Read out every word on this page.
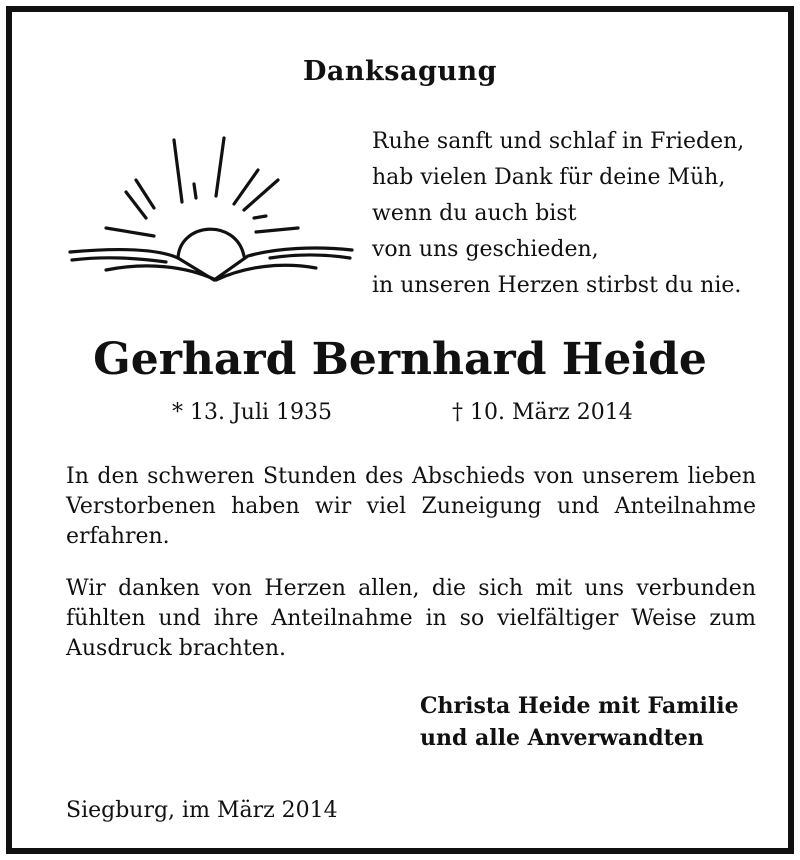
Danksagung
Ruhe sanft und schlaf in Frieden,
hab vielen Dank für deine Müh,
wenn du auch bist
von uns geschieden,
in unseren Herzen stirbst du nie.
Gerhard Bernhard Heide
* 13. Juli 1935	† 10. März 2014
In den schweren Stunden des Abschieds von unserem lieben Verstorbenen haben wir viel Zuneigung und Anteilnahme erfahren.
Wir danken von Herzen allen, die sich mit uns verbunden fühlten und ihre Anteilnahme in so vielfältiger Weise zum Ausdruck brachten.
Christa Heide mit Familie
und alle Anverwandten
Siegburg, im März 2014
